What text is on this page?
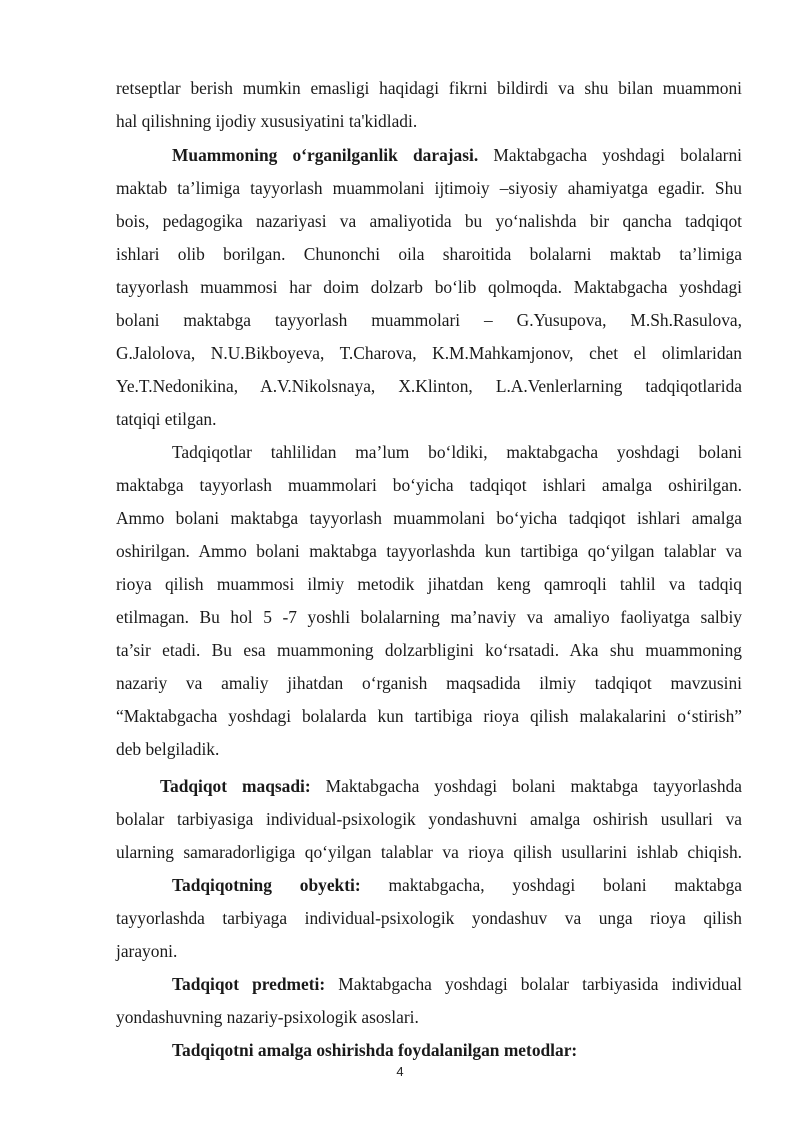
retseptlar berish mumkin emasligi haqidagi fikrni bildirdi va shu bilan muammoni
hal qilishning ijodiy xususiyatini ta'kidladi.
Muammoning o‘rganilganlik darajasi. Maktabgacha yoshdagi bolalarni
maktab ta’limiga tayyorlash muammolani ijtimoiy –siyosiy ahamiyatga egadir. Shu
bois, pedagogika nazariyasi va amaliyotida bu yo‘nalishda bir qancha tadqiqot
ishlari olib borilgan. Chunonchi oila sharoitida bolalarni maktab ta’limiga
tayyorlash muammosi har doim dolzarb bo‘lib qolmoqda. Maktabgacha yoshdagi
bolani maktabga tayyorlash muammolari – G.Yusupova, M.Sh.Rasulova,
G.Jalolova, N.U.Bikboyeva, T.Charova, K.M.Mahkamjonov, chet el olimlaridan
Ye.T.Nedonikina, A.V.Nikolsnaya, X.Klinton, L.A.Venlerlarning tadqiqotlarida
tatqiqi etilgan.
Tadqiqotlar tahlilidan ma’lum bo‘ldiki, maktabgacha yoshdagi bolani
maktabga tayyorlash muammolari bo‘yicha tadqiqot ishlari amalga oshirilgan.
Ammo bolani maktabga tayyorlash muammolani bo‘yicha tadqiqot ishlari amalga
oshirilgan. Ammo bolani maktabga tayyorlashda kun tartibiga qo‘yilgan talablar va
rioya qilish muammosi ilmiy metodik jihatdan keng qamroqli tahlil va tadqiq
etilmagan. Bu hol 5 -7 yoshli bolalarning ma’naviy va amaliyo faoliyatga salbiy
ta’sir etadi. Bu esa muammoning dolzarbligini ko‘rsatadi. Aka shu muammoning
nazariy va amaliy jihatdan o‘rganish maqsadida ilmiy tadqiqot mavzusini
“Maktabgacha yoshdagi bolalarda kun tartibiga rioya qilish malakalarini o‘stirish”
deb belgiladik.
Tadqiqot maqsadi: Maktabgacha yoshdagi bolani maktabga tayyorlashda
bolalar tarbiyasiga individual-psixologik yondashuvni amalga oshirish usullari va
ularning samaradorligiga qo‘yilgan talablar va rioya qilish usullarini ishlab chiqish.
Tadqiqotning obyekti: maktabgacha, yoshdagi bolani maktabga
tayyorlashda tarbiyaga individual-psixologik yondashuv va unga rioya qilish
jarayoni.
Tadqiqot predmeti: Maktabgacha yoshdagi bolalar tarbiyasida individual
yondashuvning nazariy-psixologik asoslari.
Tadqiqotni amalga oshirishda foydalanilgan metodlar:
4
